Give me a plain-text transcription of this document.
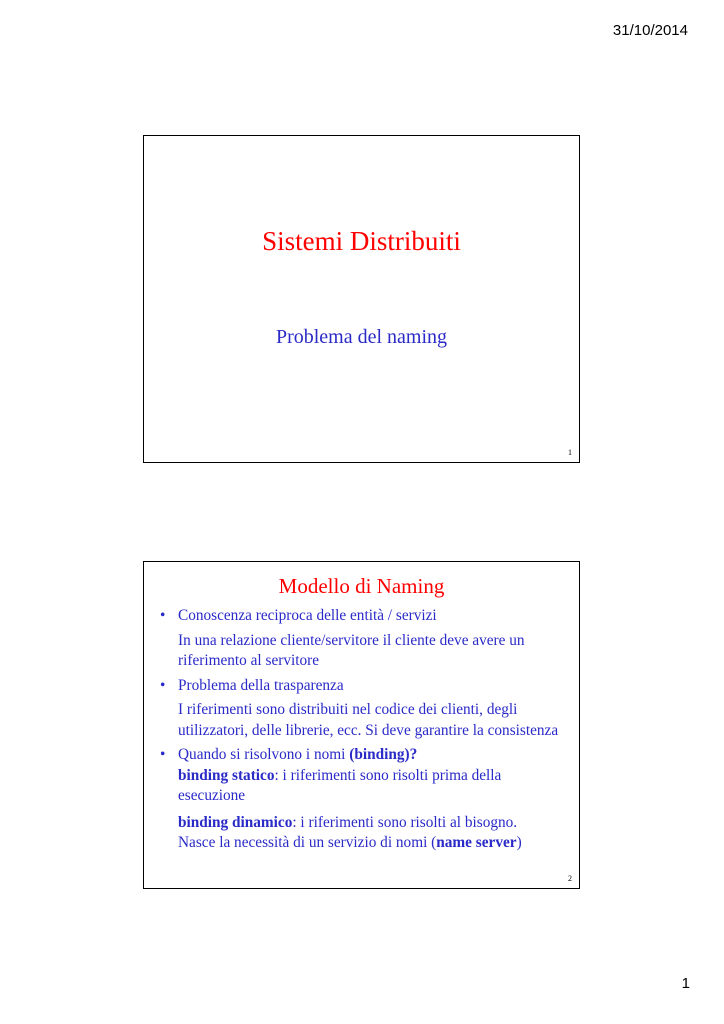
31/10/2014
Sistemi Distribuiti
Problema del naming
1
Modello di Naming

• Conoscenza reciproca delle entità / servizi

In una relazione cliente/servitore il cliente deve avere un riferimento al servitore

• Problema della trasparenza

I riferimenti sono distribuiti nel codice dei clienti, degli utilizzatori, delle librerie, ecc. Si deve garantire la consistenza

• Quando si risolvono i nomi (binding)?

binding statico: i riferimenti sono risolti prima della esecuzione

binding dinamico: i riferimenti sono risolti al bisogno.
Nasce la necessità di un servizio di nomi (name server)

2
1
